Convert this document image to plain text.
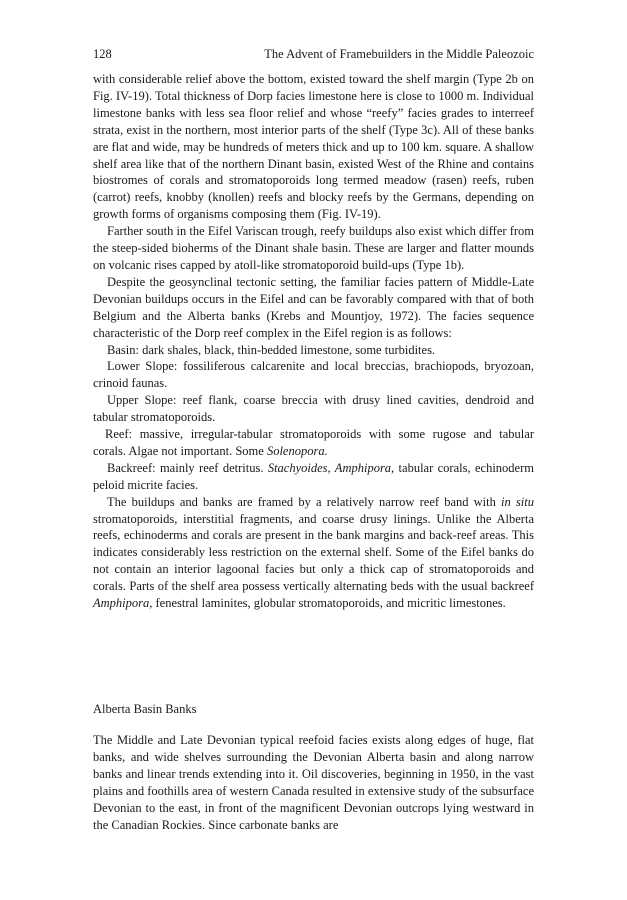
128	The Advent of Framebuilders in the Middle Paleozoic

with considerable relief above the bottom, existed toward the shelf margin (Type 2b on Fig. IV-19). Total thickness of Dorp facies limestone here is close to 1000 m. Individual limestone banks with less sea floor relief and whose “reefy” facies grades to interreef strata, exist in the northern, most interior parts of the shelf (Type 3c). All of these banks are flat and wide, may be hundreds of meters thick and up to 100 km. square. A shallow shelf area like that of the northern Dinant basin, existed West of the Rhine and contains biostromes of corals and stromatoporoids long termed meadow (rasen) reefs, ruben (carrot) reefs, knobby (knollen) reefs and blocky reefs by the Germans, depending on growth forms of organisms composing them (Fig. IV-19).

Farther south in the Eifel Variscan trough, reefy buildups also exist which differ from the steep-sided bioherms of the Dinant shale basin. These are larger and flatter mounds on volcanic rises capped by atoll-like stromatoporoid build-ups (Type 1b).

Despite the geosynclinal tectonic setting, the familiar facies pattern of Middle-Late Devonian buildups occurs in the Eifel and can be favorably compared with that of both Belgium and the Alberta banks (Krebs and Mountjoy, 1972). The facies sequence characteristic of the Dorp reef complex in the Eifel region is as follows:

Basin: dark shales, black, thin-bedded limestone, some turbidites.

Lower Slope: fossiliferous calcarenite and local breccias, brachiopods, bryozoan, crinoid faunas.

Upper Slope: reef flank, coarse breccia with drusy lined cavities, dendroid and tabular stromatoporoids.

Reef: massive, irregular-tabular stromatoporoids with some rugose and tabular corals. Algae not important. Some Solenopora.

Backreef: mainly reef detritus. Stachyoides, Amphipora, tabular corals, echinoderm peloid micrite facies.

The buildups and banks are framed by a relatively narrow reef band with in situ stromatoporoids, interstitial fragments, and coarse drusy linings. Unlike the Alberta reefs, echinoderms and corals are present in the bank margins and back-reef areas. This indicates considerably less restriction on the external shelf. Some of the Eifel banks do not contain an interior lagoonal facies but only a thick cap of stromatoporoids and corals. Parts of the shelf area possess vertically alternating beds with the usual backreef Amphipora, fenestral laminites, globular stromatoporoids, and micritic limestones.

Alberta Basin Banks

The Middle and Late Devonian typical reefoid facies exists along edges of huge, flat banks, and wide shelves surrounding the Devonian Alberta basin and along narrow banks and linear trends extending into it. Oil discoveries, beginning in 1950, in the vast plains and foothills area of western Canada resulted in extensive study of the subsurface Devonian to the east, in front of the magnificent Devonian outcrops lying westward in the Canadian Rockies. Since carbonate banks are
